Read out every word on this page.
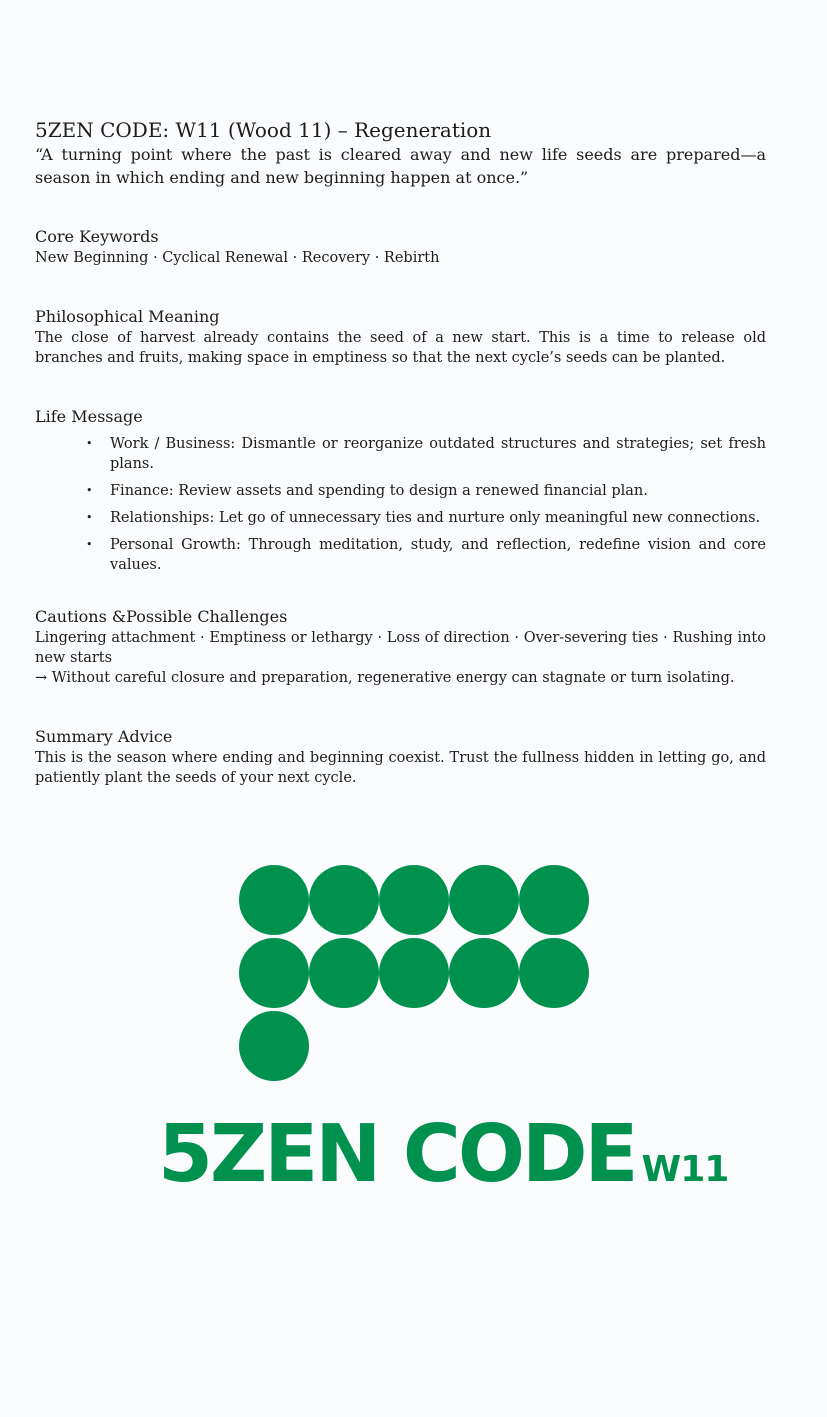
5ZEN CODE: W11 (Wood 11) – Regeneration

“A turning point where the past is cleared away and new life seeds are prepared—a season in which ending and new beginning happen at once.”

Core Keywords

New Beginning · Cyclical Renewal · Recovery · Rebirth

Philosophical Meaning

The close of harvest already contains the seed of a new start. This is a time to release old branches and fruits, making space in emptiness so that the next cycle’s seeds can be planted.

Life Message
• Work / Business: Dismantle or reorganize outdated structures and strategies; set fresh plans.
• Finance: Review assets and spending to design a renewed financial plan.
• Relationships: Let go of unnecessary ties and nurture only meaningful new connections.
• Personal Growth: Through meditation, study, and reflection, redefine vision and core values.
Cautions &Possible Challenges

Lingering attachment · Emptiness or lethargy · Loss of direction · Over-severing ties · Rushing into new starts

→ Without careful closure and preparation, regenerative energy can stagnate or turn isolating.

Summary Advice

This is the season where ending and beginning coexist. Trust the fullness hidden in letting go, and patiently plant the seeds of your next cycle.

5ZEN CODE W11
